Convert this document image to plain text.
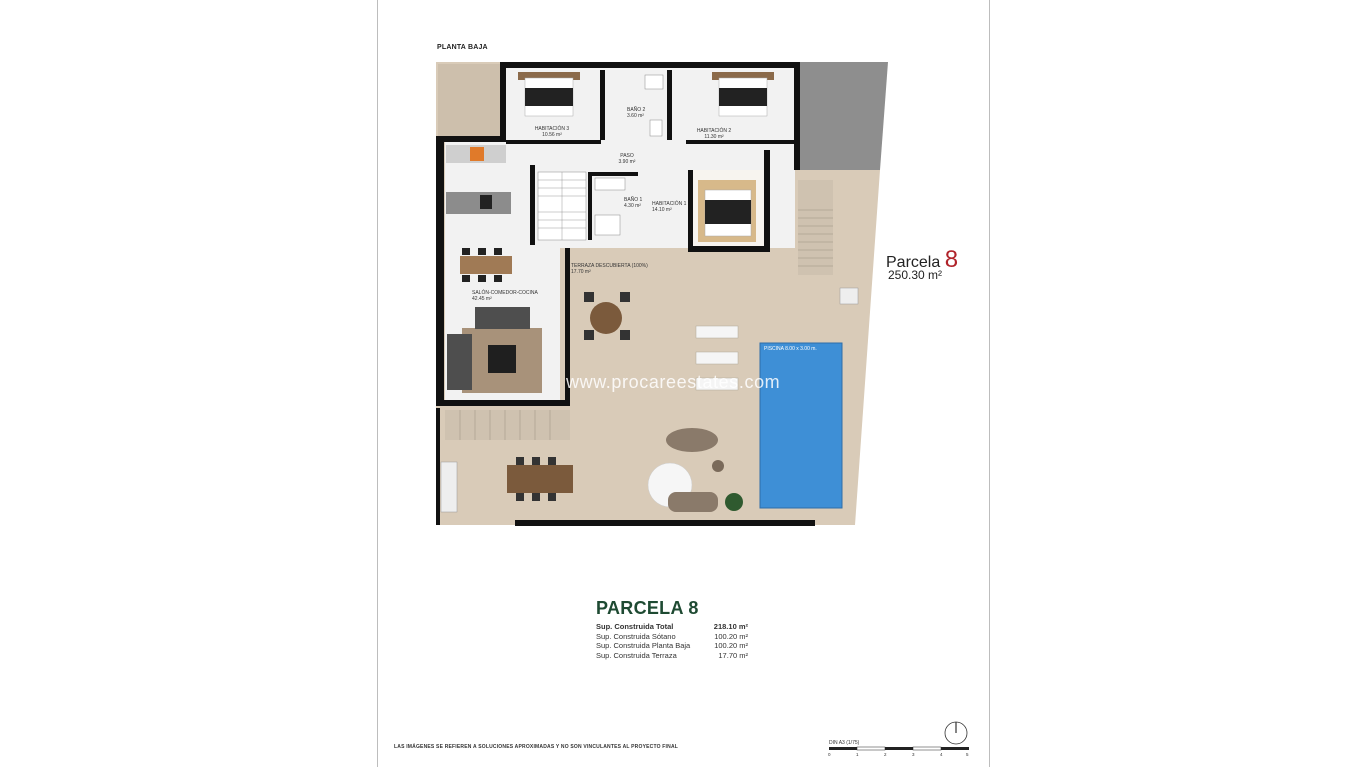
PLANTA BAJA
HABITACIÓN 3
10.56 m²
BAÑO 2
3.60 m²
HABITACIÓN 2
11.30 m²
PASO
3.90 m²
BAÑO 1
4.30 m² HABITACIÓN 1
14.10 m²
TERRAZA DESCUBIERTA (100%)
17.70 m²
SALÓN-COMEDOR-COCINA
42.45 m²
PISCINA 8.00 x 3.00 m.
Parcela 8
250.30 m²
www.procareestates.com
PARCELA 8
Sup. Construida Total	218.10 m²
Sup. Construida Sótano	100.20 m²
Sup. Construida Planta Baja	100.20 m²
Sup. Construida Terraza	17.70 m²
LAS IMÁGENES SE REFIEREN A SOLUCIONES APROXIMADAS Y NO SON VINCULANTES AL PROYECTO FINAL
DIN A3 (1/75)
0	1	2	3	4	5
